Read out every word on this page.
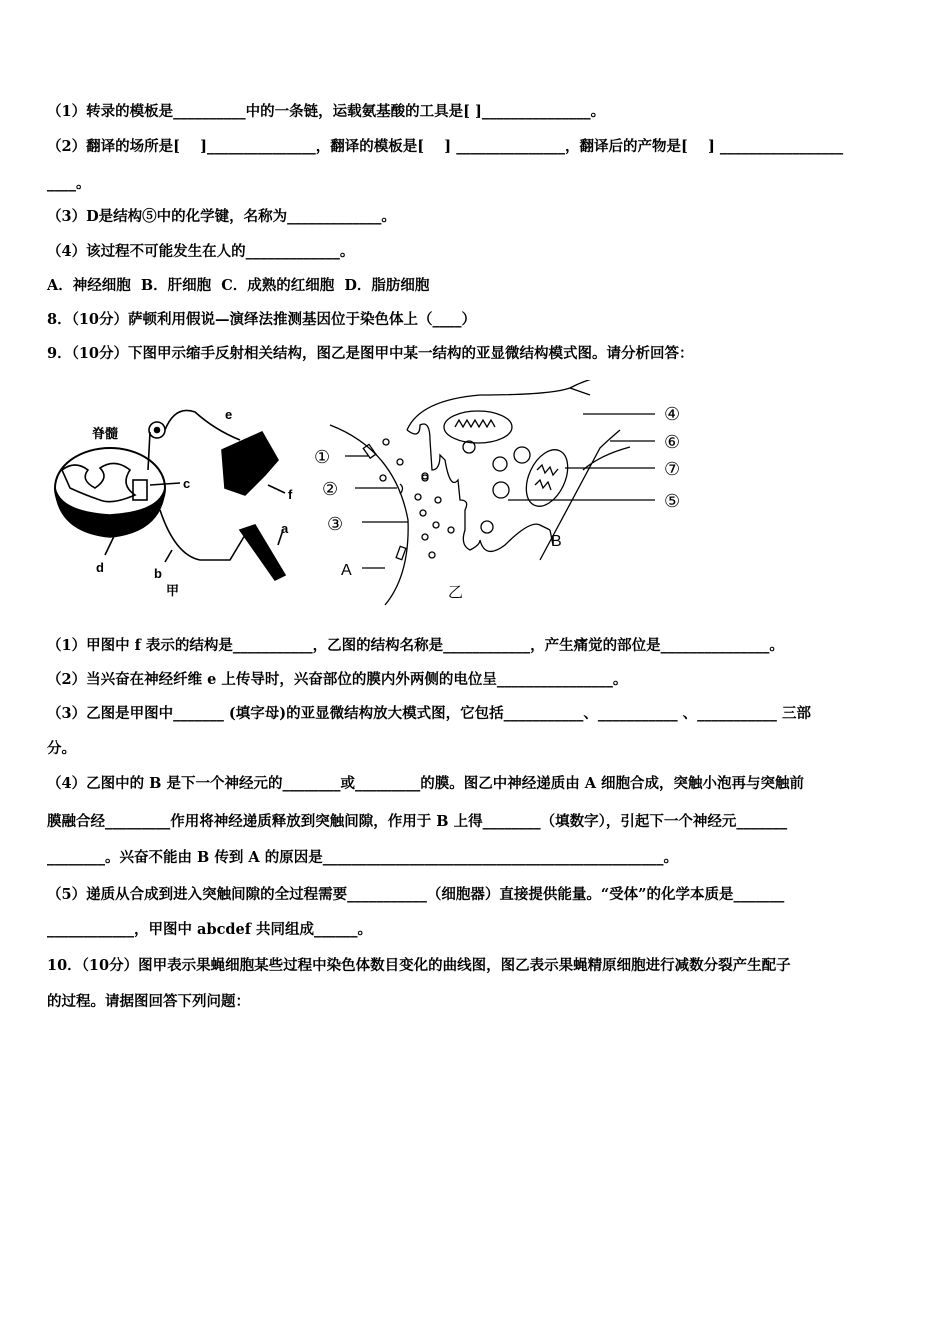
（1）转录的模板是__________中的一条链，运载氨基酸的工具是[ ]_______________。
（2）翻译的场所是[    ]_______________，翻译的模板是[    ] _______________，翻译后的产物是[    ] _________________
____。
（3）D是结构⑤中的化学键，名称为_____________。
（4）该过程不可能发生在人的_____________。
A．神经细胞  B．肝细胞  C．成熟的红细胞  D．脂肪细胞
8．（10分）萨顿利用假说—演绎法推测基因位于染色体上（____）
9．（10分）下图甲示缩手反射相关结构，图乙是图甲中某一结构的亚显微结构模式图。请分析回答：
脊髓
c
d	b
甲
e
f
a
①
②
③
A
乙
④
⑥
⑦
⑤
B
（1）甲图中 f 表示的结构是___________，乙图的结构名称是____________，产生痛觉的部位是_______________。
（2）当兴奋在神经纤维 e 上传导时，兴奋部位的膜内外两侧的电位呈________________。
（3）乙图是甲图中_______ (填字母)的亚显微结构放大模式图，它包括___________、___________ 、___________ 三部
分。
（4）乙图中的 B 是下一个神经元的________或_________的膜。图乙中神经递质由 A 细胞合成，突触小泡再与突触前
膜融合经_________作用将神经递质释放到突触间隙，作用于 B 上得________（填数字），引起下一个神经元_______
________。兴奋不能由 B 传到 A 的原因是_______________________________________________。
（5）递质从合成到进入突触间隙的全过程需要___________（细胞器）直接提供能量。“受体”的化学本质是_______
____________，甲图中 abcdef 共同组成______。
10．（10分）图甲表示果蝇细胞某些过程中染色体数目变化的曲线图，图乙表示果蝇精原细胞进行减数分裂产生配子
的过程。请据图回答下列问题：
